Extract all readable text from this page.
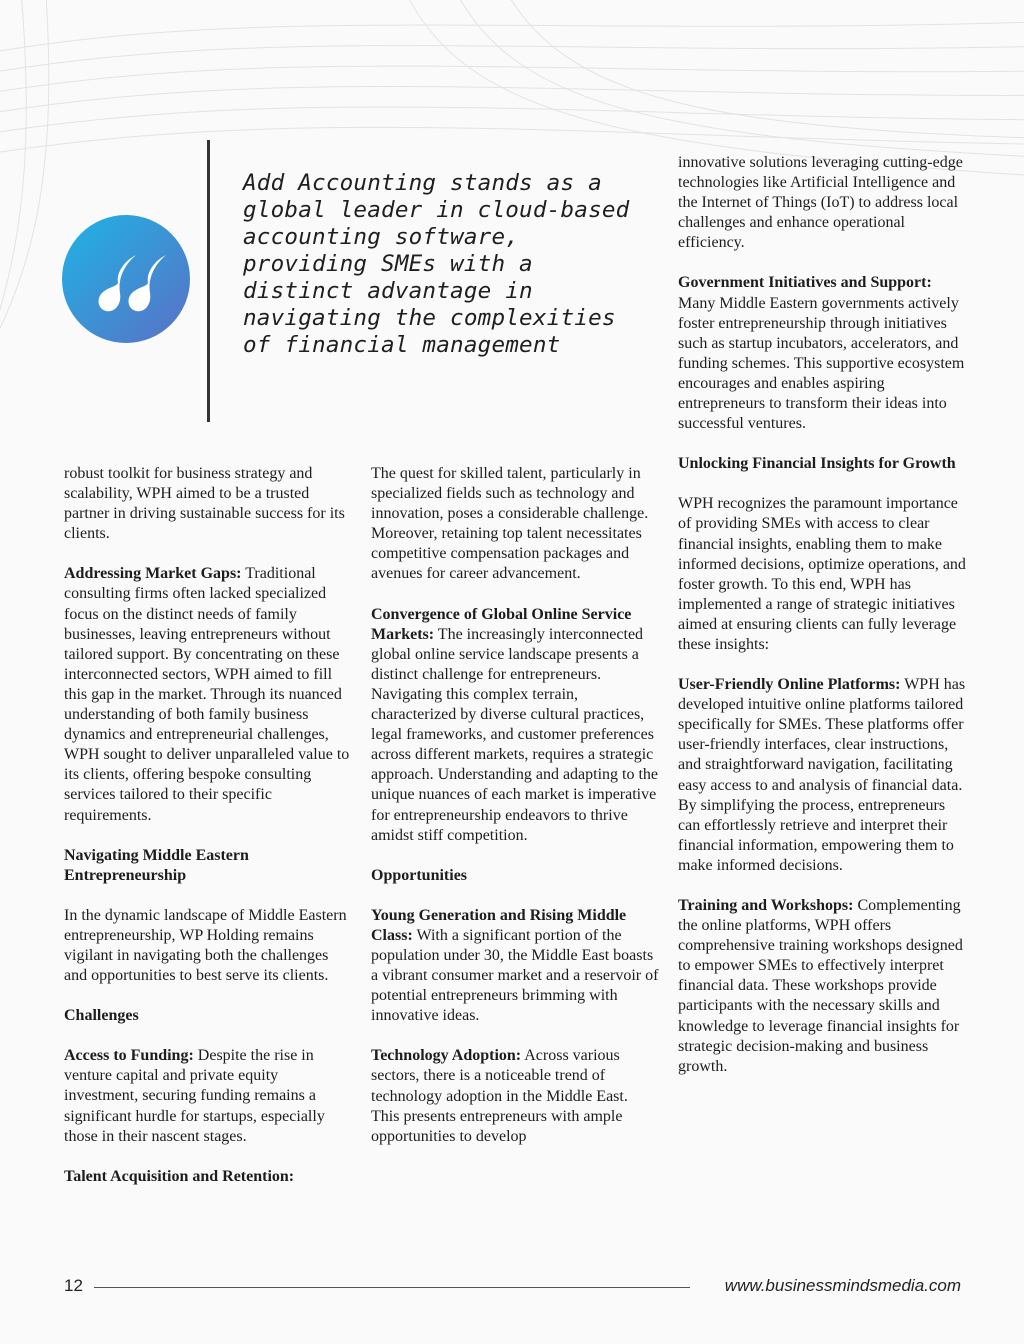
Add Accounting stands as a global leader in cloud-based accounting software, providing SMEs with a distinct advantage in navigating the complexities of financial management

robust toolkit for business strategy and scalability, WPH aimed to be a trusted partner in driving sustainable success for its clients.

Addressing Market Gaps: Traditional consulting firms often lacked specialized focus on the distinct needs of family businesses, leaving entrepreneurs without tailored support. By concentrating on these interconnected sectors, WPH aimed to fill this gap in the market. Through its nuanced understanding of both family business dynamics and entrepreneurial challenges, WPH sought to deliver unparalleled value to its clients, offering bespoke consulting services tailored to their specific requirements.

Navigating Middle Eastern Entrepreneurship

In the dynamic landscape of Middle Eastern entrepreneurship, WP Holding remains vigilant in navigating both the challenges and opportunities to best serve its clients.

Challenges

Access to Funding: Despite the rise in venture capital and private equity investment, securing funding remains a significant hurdle for startups, especially those in their nascent stages.

Talent Acquisition and Retention:

The quest for skilled talent, particularly in specialized fields such as technology and innovation, poses a considerable challenge. Moreover, retaining top talent necessitates competitive compensation packages and avenues for career advancement.

Convergence of Global Online Service Markets: The increasingly interconnected global online service landscape presents a distinct challenge for entrepreneurs. Navigating this complex terrain, characterized by diverse cultural practices, legal frameworks, and customer preferences across different markets, requires a strategic approach. Understanding and adapting to the unique nuances of each market is imperative for entrepreneurship endeavors to thrive amidst stiff competition.

Opportunities

Young Generation and Rising Middle Class: With a significant portion of the population under 30, the Middle East boasts a vibrant consumer market and a reservoir of potential entrepreneurs brimming with innovative ideas.

Technology Adoption: Across various sectors, there is a noticeable trend of technology adoption in the Middle East. This presents entrepreneurs with ample opportunities to develop

innovative solutions leveraging cutting-edge technologies like Artificial Intelligence and the Internet of Things (IoT) to address local challenges and enhance operational efficiency.

Government Initiatives and Support: Many Middle Eastern governments actively foster entrepreneurship through initiatives such as startup incubators, accelerators, and funding schemes. This supportive ecosystem encourages and enables aspiring entrepreneurs to transform their ideas into successful ventures.

Unlocking Financial Insights for Growth

WPH recognizes the paramount importance of providing SMEs with access to clear financial insights, enabling them to make informed decisions, optimize operations, and foster growth. To this end, WPH has implemented a range of strategic initiatives aimed at ensuring clients can fully leverage these insights:

User-Friendly Online Platforms: WPH has developed intuitive online platforms tailored specifically for SMEs. These platforms offer user-friendly interfaces, clear instructions, and straightforward navigation, facilitating easy access to and analysis of financial data. By simplifying the process, entrepreneurs can effortlessly retrieve and interpret their financial information, empowering them to make informed decisions.

Training and Workshops: Complementing the online platforms, WPH offers comprehensive training workshops designed to empower SMEs to effectively interpret financial data. These workshops provide participants with the necessary skills and knowledge to leverage financial insights for strategic decision-making and business growth.

12	www.businessmindsmedia.com
